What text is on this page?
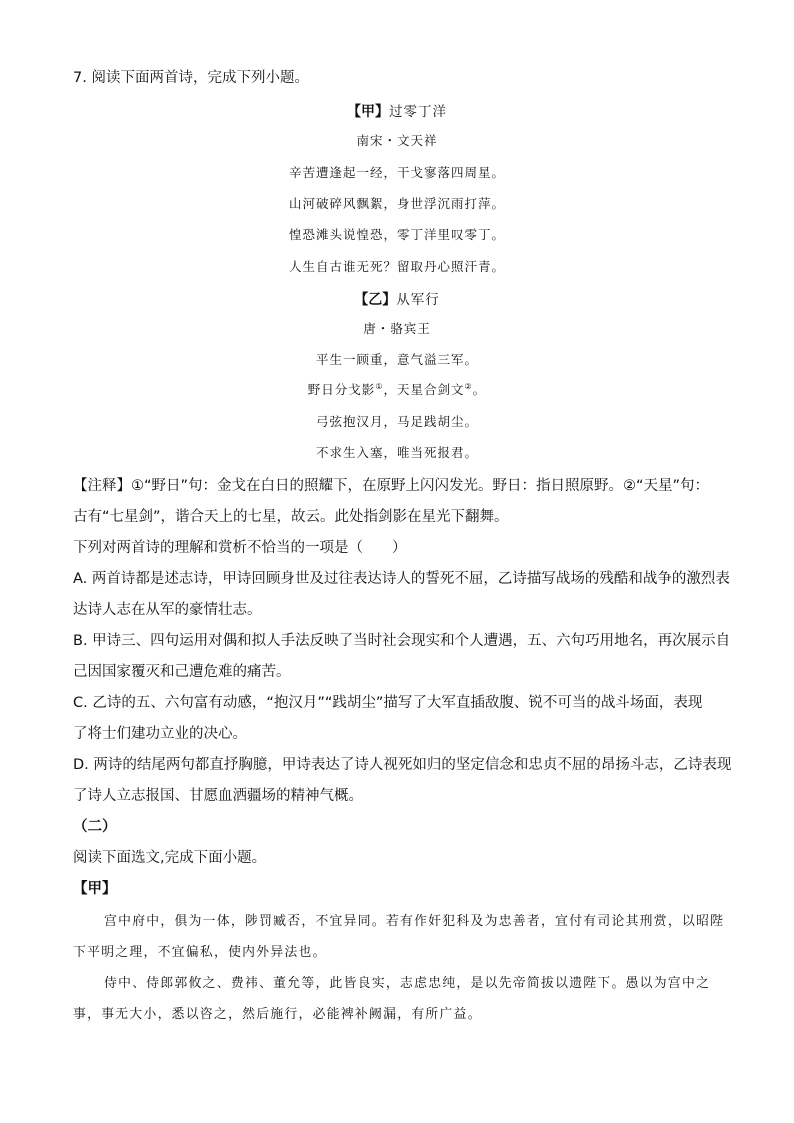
7. 阅读下面两首诗，完成下列小题。
【甲】过零丁洋
南宋・文天祥
辛苦遭逢起一经，干戈寥落四周星。
山河破碎风飘絮，身世浮沉雨打萍。
惶恐滩头说惶恐，零丁洋里叹零丁。
人生自古谁无死？留取丹心照汗青。
【乙】从军行
唐・骆宾王
平生一顾重，意气溢三军。
野日分戈影①，天星合剑文②。
弓弦抱汉月，马足践胡尘。
不求生入塞，唯当死报君。
【注释】①“野日”句：金戈在白日的照耀下，在原野上闪闪发光。野日：指日照原野。②“天星”句：
古有“七星剑”，谐合天上的七星，故云。此处指剑影在星光下翻舞。
下列对两首诗的理解和赏析不恰当的一项是（　　）
A. 两首诗都是述志诗，甲诗回顾身世及过往表达诗人的誓死不屈，乙诗描写战场的残酷和战争的激烈表
达诗人志在从军的豪情壮志。
B. 甲诗三、四句运用对偶和拟人手法反映了当时社会现实和个人遭遇，五、六句巧用地名，再次展示自
己因国家覆灭和己遭危难的痛苦。
C. 乙诗的五、六句富有动感，“抱汉月”“践胡尘”描写了大军直插敌腹、锐不可当的战斗场面，表现
了将士们建功立业的决心。
D. 两诗的结尾两句都直抒胸臆，甲诗表达了诗人视死如归的坚定信念和忠贞不屈的昂扬斗志，乙诗表现
了诗人立志报国、甘愿血洒疆场的精神气概。
（二）
阅读下面选文,完成下面小题。
【甲】
宫中府中，俱为一体，陟罚臧否，不宜异同。若有作奸犯科及为忠善者，宜付有司论其刑赏，以昭陛
下平明之理，不宜偏私，使内外异法也。
侍中、侍郎郭攸之、费祎、董允等，此皆良实，志虑忠纯，是以先帝简拔以遗陛下。愚以为宫中之
事，事无大小，悉以咨之，然后施行，必能裨补阙漏，有所广益。
